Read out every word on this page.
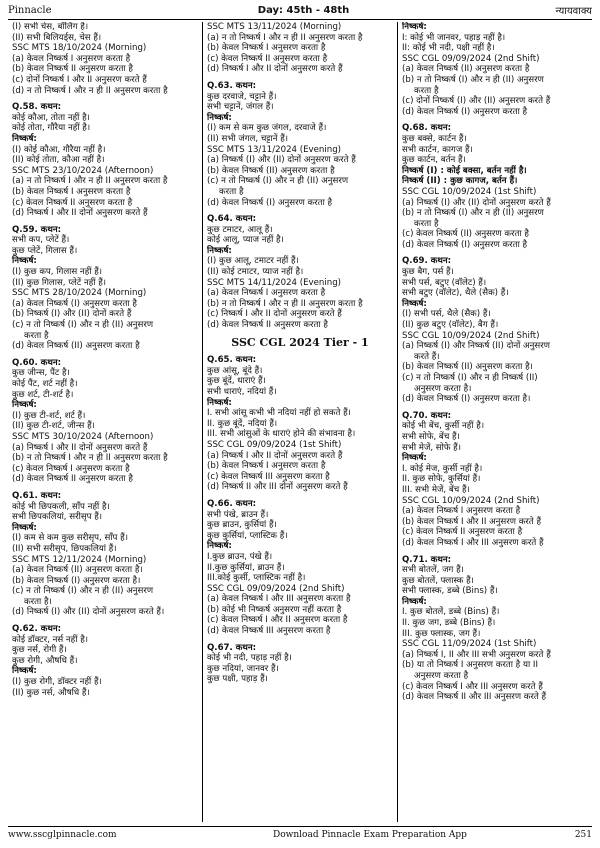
Pinnacle	Day: 45th - 48th	न्यायवाक्य
(I) सभी चेस, बॉलिंग है।
(II) सभी बिलियर्ड्स, चेस हैं।
SSC MTS 18/10/2024 (Morning)
(a) केवल निष्कर्ष I अनुसरण करता है
(b) केवल निष्कर्ष II अनुसरण करता है
(c) दोनों निष्कर्ष I और II अनुसरण करते हैं
(d) न तो निष्कर्ष I और न ही II अनुसरण करता है
Q.58. कथन:
कोई कौआ, तोता नहीं है।
कोई तोता, गौरैया नहीं है।
निष्कर्ष:
(I) कोई कौआ, गौरैया नहीं है।
(II) कोई तोता, कौआ नहीं है।
SSC MTS 23/10/2024 (Afternoon)
(a) न तो निष्कर्ष I और न ही II अनुसरण करता है
(b) केवल निष्कर्ष I अनुसरण करता है
(c) केवल निष्कर्ष II अनुसरण करता है
(d) निष्कर्ष I और II दोनों अनुसरण करते हैं
Q.59. कथन:
सभी कप, प्लेटें हैं।
कुछ प्लेटें, गिलास हैं।
निष्कर्ष:
(I) कुछ कप, गिलास नहीं हैं।
(II) कुछ गिलास, प्लेटें नहीं हैं।
SSC MTS 28/10/2024 (Morning)
(a) केवल निष्कर्ष (I) अनुसरण करता है
(b) निष्कर्ष (I) और (II) दोनों करते हैं
(c) न तो निष्कर्ष (I) और न ही (II) अनुसरण
करता है
(d) केवल निष्कर्ष (II) अनुसरण करता है
Q.60. कथन:
कुछ जीन्स, पैंट है।
कोई पैंट, शर्ट नहीं है।
कुछ शर्ट, टी-शर्ट है।
निष्कर्ष:
(I) कुछ टी-शर्ट, शर्ट हैं।
(II) कुछ टी-शर्ट, जीन्स हैं।
SSC MTS 30/10/2024 (Afternoon)
(a) निष्कर्ष I और II दोनों अनुसरण करते हैं
(b) न तो निष्कर्ष I और न ही II अनुसरण करता है
(c) केवल निष्कर्ष I अनुसरण करता है
(d) केवल निष्कर्ष II अनुसरण करता है
Q.61. कथन:
कोई भी छिपकली, साँप नहीं है।
सभी छिपकलियां, सरीसृप हैं।
निष्कर्ष:
(I) कम से कम कुछ सरीसृप, साँप हैं।
(II) सभी सरीसृप, छिपकलियां हैं।
SSC MTS 12/11/2024 (Morning)
(a) केवल निष्कर्ष (II) अनुसरण करता है।
(b) केवल निष्कर्ष (I) अनुसरण करता है।
(c) न तो निष्कर्ष (I) और न ही (II) अनुसरण
करता है।
(d) निष्कर्ष (I) और (II) दोनों अनुसरण करते हैं।
Q.62. कथन:
कोई डॉक्टर, नर्स नहीं है।
कुछ नर्स, रोगी हैं।
कुछ रोगी, औषधि हैं।
निष्कर्ष:
(I) कुछ रोगी, डॉक्टर नहीं हैं।
(II) कुछ नर्स, औषधि हैं।
SSC MTS 13/11/2024 (Morning)
(a) न तो निष्कर्ष I और न ही II अनुसरण करता है
(b) केवल निष्कर्ष I अनुसरण करता है
(c) केवल निष्कर्ष II अनुसरण करता है
(d) निष्कर्ष I और II दोनों अनुसरण करते हैं
Q.63. कथन:
कुछ दरवाजे, चट्टाने हैं।
सभी चट्टानें, जंगल हैं।
निष्कर्ष:
(I) कम से कम कुछ जंगल, दरवाजे हैं।
(II) सभी जंगल, चट्टानें हैं।
SSC MTS 13/11/2024 (Evening)
(a) निष्कर्ष (I) और (II) दोनों अनुसरण करते हैं
(b) केवल निष्कर्ष (II) अनुसरण करता है
(c) न तो निष्कर्ष (I) और न ही (II) अनुसरण
करता है
(d) केवल निष्कर्ष (I) अनुसरण करता है
Q.64. कथन:
कुछ टमाटर, आलू हैं।
कोई आलू, प्याज नहीं है।
निष्कर्ष:
(I) कुछ आलू, टमाटर नहीं हैं।
(II) कोई टमाटर, प्याज नहीं है।
SSC MTS 14/11/2024 (Evening)
(a) केवल निष्कर्ष I अनुसरण करता है
(b) न तो निष्कर्ष I और न ही II अनुसरण करता है
(c) निष्कर्ष I और II दोनों अनुसरण करते हैं
(d) केवल निष्कर्ष II अनुसरण करता है
SSC CGL 2024 Tier - 1
Q.65. कथन:
कुछ आंसू, बूंदे हैं।
कुछ बूंदें, धाराएं हैं।
सभी धाराएं, नदियां हैं।
निष्कर्ष:
I. सभी आंसू कभी भी नदियां नहीं हो सकते हैं।
II. कुछ बूंदें, नदियां हैं।
III. सभी आंसुओं के धाराएं होने की संभावना है।
SSC CGL 09/09/2024 (1st Shift)
(a) निष्कर्ष I और II दोनों अनुसरण करते हैं
(b) केवल निष्कर्ष I अनुसरण करता है
(c) केवल निष्कर्ष III अनुसरण करता है
(d) निष्कर्ष II और III दोनों अनुसरण करते हैं
Q.66. कथन:
सभी पंखे, ब्राउन हैं।
कुछ ब्राउन, कुर्सियां हैं।
कुछ कुर्सियां, प्लास्टिक हैं।
निष्कर्ष:
I.कुछ ब्राउन, पंखे हैं।
II.कुछ कुर्सियां, ब्राउन हैं।
III.कोई कुर्सी, प्लास्टिक नहीं है।
SSC CGL 09/09/2024 (2nd Shift)
(a) केवल निष्कर्ष I और III अनुसरण करता है
(b) कोई भी निष्कर्ष अनुसरण नहीं करता है
(c) केवल निष्कर्ष I और II अनुसरण करता है
(d) केवल निष्कर्ष III अनुसरण करता है
Q.67. कथन:
कोई भी नदी, पहाड़ नहीं है।
कुछ नदियां, जानवर हैं।
कुछ पक्षी, पहाड़ हैं।
निष्कर्ष:
I: कोई भी जानवर, पहाड़ नहीं है।
II: कोई भी नदी, पक्षी नहीं है।
SSC CGL 09/09/2024 (2nd Shift)
(a) केवल निष्कर्ष (II) अनुसरण करता है
(b) न तो निष्कर्ष (I) और न ही (II) अनुसरण
करता है
(c) दोनों निष्कर्ष (I) और (II) अनुसरण करते हैं
(d) केवल निष्कर्ष (I) अनुसरण करता है
Q.68. कथन:
कुछ बक्से, कार्टन हैं।
सभी कार्टन, कागज हैं।
कुछ कार्टन, बर्तन हैं।
निष्कर्ष (I) : कोई बक्सा, बर्तन नहीं है।
निष्कर्ष (II) : कुछ कागज, बर्तन हैं।
SSC CGL 10/09/2024 (1st Shift)
(a) निष्कर्ष (I) और (II) दोनों अनुसरण करते हैं
(b) न तो निष्कर्ष (I) और न ही (II) अनुसरण
करता है
(c) केवल निष्कर्ष (II) अनुसरण करता है
(d) केवल निष्कर्ष (I) अनुसरण करता है
Q.69. कथन:
कुछ बैग, पर्स हैं।
सभी पर्स, बटुए (वॉलेट) हैं।
सभी बटुए (वॉलेट), थैले (सैक) हैं।
निष्कर्ष:
(I) सभी पर्स, थैले (सैक) हैं।
(II) कुछ बटुए (वॉलेट), बैग हैं।
SSC CGL 10/09/2024 (2nd Shift)
(a) निष्कर्ष (I) और निष्कर्ष (II) दोनों अनुसरण
करते हैं।
(b) केवल निष्कर्ष (II) अनुसरण करता है।
(c) न तो निष्कर्ष (I) और न ही निष्कर्ष (II)
अनुसरण करता है।
(d) केवल निष्कर्ष (I) अनुसरण करता है।
Q.70. कथन:
कोई भी बेंच, कुर्सी नहीं है।
सभी सोफे, बेंच हैं।
सभी मेजें, सोफे हैं।
निष्कर्ष:
I. कोई मेज, कुर्सी नहीं है।
II. कुछ सोफे, कुर्सियां हैं।
III. सभी मेजें, बेंच हैं।
SSC CGL 10/09/2024 (2nd Shift)
(a) केवल निष्कर्ष I अनुसरण करता है
(b) केवल निष्कर्ष I और II अनुसरण करते हैं
(c) केवल निष्कर्ष II अनुसरण करता है
(d) केवल निष्कर्ष I और III अनुसरण करते हैं
Q.71. कथन:
सभी बोतलें, जग हैं।
कुछ बोतलें, फ्लास्क हैं।
सभी फ्लास्क, डब्बे (Bins) हैं।
निष्कर्ष:
I. कुछ बोतलें, डब्बे (Bins) हैं।
II. कुछ जग, डब्बे (Bins) हैं।
III. कुछ फ्लास्क, जग हैं।
SSC CGL 11/09/2024 (1st Shift)
(a) निष्कर्ष I, II और III सभी अनुसरण करते हैं
(b) या तो निष्कर्ष I अनुसरण करता है या II
अनुसरण करता है
(c) केवल निष्कर्ष I और III अनुसरण करते हैं
(d) केवल निष्कर्ष II और III अनुसरण करते हैं
www.sscglpinnacle.com	Download Pinnacle Exam Preparation App	251
